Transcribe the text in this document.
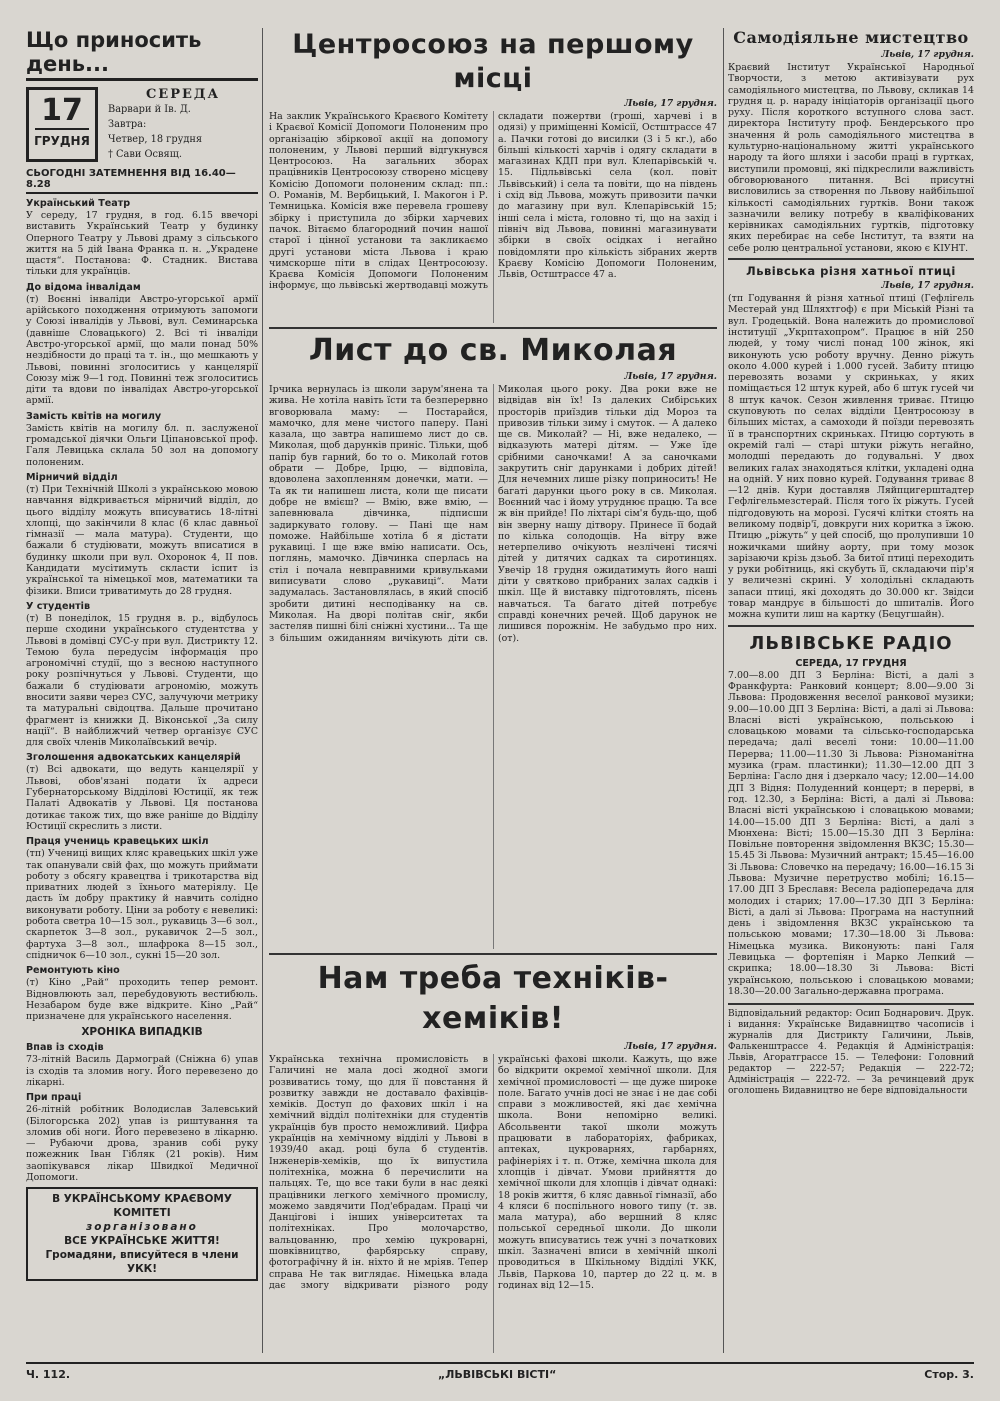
Що приносить день...
17
ГРУДНЯ
СЕРЕДА
Варвари й Ів. Д.
Завтра:
Четвер, 18 грудня
† Сави Освящ.
СЬОГОДНІ ЗАТЕМНЕННЯ ВІД 16.40—8.28
Український Театр

У середу, 17 грудня, в год. 6.15 ввечорі виставить Український Театр у будинку Оперного Театру у Львові драму з сільського життя на 5 дій Івана Франка п. н. „Украдене щастя“. Постанова: Ф. Стадник. Вистава тільки для українців.

До відома інвалідам

(т) Воєнні інваліди Австро-угорської армії арійського походження отримують запомоги у Союзі інвалідів у Львові, вул. Семинарська (давніше Словацького) 2. Всі ті інваліди Австро-угорської армії, що мали понад 50% нездібности до праці та т. ін., що мешкають у Львові, повинні зголоситись у канцелярії Союзу між 9—1 год. Повинні теж зголоситись діти та вдови по інвалідах Австро-угорської армії.

Замість квітів на могилу

Замість квітів на могилу бл. п. заслуженої громадської діячки Ольги Ціпановської проф. Галя Левицька склала 50 зол на допомогу полоненим.

Мірничий відділ

(т) При Технічній Школі з українською мовою навчання відкривається мірничий відділ, до цього відділу можуть вписуватись 18-літні хлопці, що закінчили 8 клас (6 клас давньої гімназії — мала матура). Студенти, що бажали б студіювати, можуть вписатися в будинку школи при вул. Охоронок 4, II пов. Кандидати мусітимуть скласти іспит із української та німецької мов, математики та фізики. Вписи триватимуть до 28 грудня.

У студентів

(т) В понеділок, 15 грудня в. р., відбулось перше сходини українського студентства у Львові в домівці СУС-у при вул. Дистрикту 12. Темою була передусім інформація про агрономічні студії, що з весною наступного року розпічнуться у Львові. Студенти, що бажали б студіювати агрономію, можуть вносити заяви через СУС, залучуючи метрику та матуральні свідоцтва. Дальше прочитано фрагмент із книжки Д. Віконської „За силу нації“. В найближчий четвер організує СУС для своїх членів Миколаївський вечір.

Зголошення адвокатських канцелярій

(т) Всі адвокати, що ведуть канцелярії у Львові, обов'язані подати їх адреси Губернаторському Відділові Юстиції, як теж Палаті Адвокатів у Львові. Ця постанова дотикає також тих, що вже раніше до Відділу Юстиції скреслить з листи.

Праця учениць кравецьких шкіл

(тп) Учениці вищих кляс кравецьких шкіл уже так опанували свій фах, що можуть приймати роботу з обсягу кравецтва і трикотарства від приватних людей з їхнього матеріялу. Це дасть їм добру практику й навчить солідно виконувати роботу. Ціни за роботу є невеликі: робота светра 10—15 зол., рукавиць 3—6 зол., скарпеток 3—8 зол., рукавичок 2—5 зол., фартуха 3—8 зол., шлафрока 8—15 зол., спідничок 6—10 зол., сукні 15—20 зол.

Ремонтують кіно

(т) Кіно „Рай“ проходить тепер ремонт. Відновлюють зал, перебудовують вестибюль. Незабаром буде вже відкрите. Кіно „Рай“ призначене для українського населення.

ХРОНІКА ВИПАДКІВ
Впав із сходів

73-літній Василь Дармограй (Сніжна 6) упав із сходів та зломив ногу. Його перевезено до лікарні.

При праці

26-літній робітник Володислав Залевський (Білогорська 202) упав із риштування та зломив обі ноги. Його перевезено в лікарню. — Рубаючи дрова, зранив собі руку пожежник Іван Гібляк (21 років). Ним заопікувався лікар Швидкої Медичної Допомоги.

В УКРАЇНСЬКОМУ КРАЄВОМУ КОМІТЕТІ
зорганізовано
ВСЕ УКРАЇНСЬКЕ ЖИТТЯ!
Громадяни, вписуйтеся в члени УКК!
Центросоюз на першому місці
Львів, 17 грудня.

На заклик Українського Краєвого Комітету і Краєвої Комісії Допомоги Полоненим про організацію збіркової акції на допомогу полоненим, у Львові перший відгукнувся Центросоюз. На загальних зборах працівників Центросоюзу створено місцеву Комісію Допомоги полоненим склад: пп.: О. Романів, М. Вербицький, І. Макогон і Р. Темницька. Комісія вже перевела грошеву збірку і приступила до збірки харчевих пачок. Вітаємо благородний почин нашої старої і цінної установи та закликаємо другі установи міста Львова і краю чимскорше піти в слідах Центросоюзу. Краєва Комісія Допомоги Полоненим інформує, що львівські жертводавці можуть складати пожертви (гроші, харчеві і в одязі) у приміщенні Комісії, Остштрассе 47 а. Пачки готові до висилки (3 і 5 кг.), або більші кількості харчів і одягу складати в магазинах КДП при вул. Клепарівській ч. 15. Підльвівські села (кол. повіт Львівський) і села та повіти, що на південь і схід від Львова, можуть привозити пачки до магазину при вул. Клепарівській 15; інші села і міста, головно ті, що на захід і північ від Львова, повинні магазинувати збірки в своїх осідках і негайно повідомляти про кількість зібраних жертв Краєву Комісію Допомоги Полоненим, Львів, Остштрассе 47 а.

Лист до св. Миколая
Львів, 17 грудня.

Ірчика вернулась із школи зарум'янена та жива. Не хотіла навіть їсти та безперервно вговорювала маму: — Постарайся, мамочко, для мене чистого паперу. Пані казала, що завтра напишемо лист до св. Миколая, щоб дарунків приніс. Тільки, щоб папір був гарний, бо то о. Миколай готов обрати — Добре, Ірцю, — відповіла, вдоволена захопленням донечки, мати. — Та як ти напишеш листа, коли ще писати добре не вмієш? — Вмію, вже вмію, — запевнювала дівчинка, підписши задиркувато голову. — Пані ще нам поможе. Найбільше хотіла б я дістати рукавиці. І ще вже вмію написати. Ось, поглянь, мамочко. Дівчинка сперлась на стіл і почала невправними кривульками виписувати слово „рукавиці“. Мати задумалась. Застановлялась, в який спосіб зробити дитині несподіванку на св. Миколая. На дворі політав сніг, якби застеляв пишні білі сніжні хустини... Та ще з більшим ожиданням вичікують діти св. Миколая цього року. Два роки вже не відвідав він їх! Із далеких Сибірських просторів приїздив тільки дід Мороз та привозив тільки зиму і смуток. — А далеко ще св. Миколай? — Ні, вже недалеко, — відказують матері дітям. — Уже їде срібними саночками! А за саночками закрутить сніг дарунками і добрих дітей! Для нечемних лише різку поприносить! Не багаті дарунки цього року в св. Миколая. Воєнний час і йому утруднює працю. Та все ж він прийде! По ліхтарі сім'я будь-що, щоб він зверну нашу дітвору. Принесе її бодай по кілька солодощів. На вітру вже нетерпеливо очікують незлічені тисячі дітей у дитячих садках та сиротинцях. Увечір 18 грудня ожидатимуть його нашi діти у святково прибраних залах садків і шкіл. Ще й виставку підготовлять, пісень навчаться. Та багато дітей потребує справді конечних речей. Щоб дарунок не лишився порожнім. Не забудьмо про них. (от).

Нам треба техніків-хеміків!
Львів, 17 грудня.

Українська технічна промисловість в Галичині не мала досі жодної змоги розвиватись тому, що для її повстання й розвитку завжди не доставало фахівців-хеміків. Доступ до фахових шкіл і на хемічний відділ політехніки для студентів українців був просто неможливий. Цифра українців на хемічному відділі у Львові в 1939/40 акад. році була б студентів. Інженерів-хеміків, що їх випустила політехніка, можна б перечислити на пальцях. Те, що все таки були в нас деякі працівники легкого хемічного промислу, можемо завдячити Под'ебрадам. Праці чи Данцігові і інших університетах та політехніках. Про молочарство, вальцованню, про хемію цукроварні, шовківництво, фарбярську справу, фотографічну й ін. ніхто й не мріяв. Тепер справа Не так виглядає. Німецька влада дає змогу відкривати різного роду українські фахові школи. Кажуть, що вже бo відкрити окремої хемічної школи. Для хемічної промисловості — ще дуже широке поле. Багато учнів досі не знає і не дає собі справи з можливостей, які дає хемічна школа. Вони непомірно великі. Абсольвенти такої школи можуть працювати в лабораторіях, фабриках, аптеках, цукроварнях, гарбарнях, рафінеріях і т. п. Отже, хемічна школа для хлопців і дівчат. Умови прийняття до хемічної школи для хлопців і дівчат однакі: 18 років життя, 6 кляс давньої гімназії, або 4 кляси 6 поспільного нового типу (т. зв. мала матура), або вершний 8 кляс польської середньої школи. До школи можуть вписуватись теж учні з початкових шкіл. Зазначені вписи в хемічній школі проводиться в Шкільному Відділі УКК, Львів, Паркова 10, партер до 22 ц. м. в годинах від 12—15.

Самодіяльне мистецтво
Львів, 17 грудня.

Краєвий Інститут Української Народньої Творчости, з метою активізувати рух самодіяльного мистецтва, по Львову, скликав 14 грудня ц. р. нараду ініціаторів організації цього руху. Після короткого вступного слова заст. директора Інституту проф. Бендерського про значення й роль самодіяльного мистецтва в культурно-національному житті українського народу та його шляхи і засоби праці в гуртках, виступили промовці, які підкреслили важливість обговорюваного питання. Всі присутні висловились за створення по Львову найбільшої кількості самодіяльних гуртків. Вони також зазначили велику потребу в кваліфікованих керівниках самодіяльних гуртків, підготовку яких перебирає на себе Інститут, та взяти на себе ролю центральної установи, якою є КІУНТ.

Львівська різня хатньої птиці
Львів, 17 грудня.

(тп Годування й різня хатньої птиці (Гефлігель Местерай унд Шляхтгоф) є при Міській Різні та вул. Гродецькій. Вона належить до промислової інституції „Укрптахопром“. Працює в ній 250 людей, у тому числі понад 100 жінок, які виконують усю роботу вручну. Денно ріжуть около 4.000 курей і 1.000 гусей. Забиту птицю перевозять возами у скриньках, у яких поміщається 12 штук курей, або 6 штук гусей чи 8 штук качок. Сезон живлення триває. Птицю скуповують по селах відділи Центросоюзу в більших містах, а самоходи й поїзди перевозять її в транспортних скриньках. Птицю сортують в окремій галі — старі штуки ріжуть негайно, молодші передають до годувальні. У двох великих галах знаходяться клітки, укладені одна на одній. У них повно курей. Годування триває 8—12 днів. Кури доставляв Ляйпцигерштадтер Гефлігельмезстерай. Після того їх ріжуть. Гусей підгодовують на морозі. Гусячі клітки стоять на великому подвір'ї, довкруги них коритка з їжою. Птицю „ріжуть“ у цей спосіб, що пролупивши 10 ножичками шийну аорту, при тому мозок зарізаючи крізь дзьоб. За битої птиці переходить у руки робітниць, які скубуть її, складаючи пір'я у величезні скрині. У холодільні складають запаси птиці, які доходять до 30.000 кг. Звідси товар мандрує в більшості до шпиталів. Його можна купити лиш на картку (Бецугшайн).

ЛЬВІВСЬКЕ РАДІО
СЕРЕДА, 17 ГРУДНЯ

7.00—8.00 ДП З Берліна: Вісті, а далі з Франкфурта: Ранковий концерт; 8.00—9.00 Зі Львова: Продовження веселої ранкової музики; 9.00—10.00 ДП З Берліна: Вісті, а далі зі Львова: Власні вісті українською, польською і словацькою мовами та сільсько-господарська передача; далі веселі тони: 10.00—11.00 Перерва; 11.00—11.30 Зі Львова: Різноманітна музика (грам. пластинки); 11.30—12.00 ДП З Берліна: Гасло дня і дзеркало часу; 12.00—14.00 ДП З Відня: Полуденний концерт; в перерві, в год. 12.30, з Берліна: Вісті, а далі зі Львова: Власні вісті українською і словацькою мовами; 14.00—15.00 ДП З Берліна: Вісті, а далі з Мюнхена: Вісті; 15.00—15.30 ДП З Берліна: Повільне повторення звідомлення ВКЗС; 15.30—15.45 Зі Львова: Музичний антракт; 15.45—16.00 Зі Львова: Словечко на передачу; 16.00—16.15 Зі Львова: Музичне перетруство мобілі; 16.15—17.00 ДП З Бреславя: Весела радіопередача для молодих і старих; 17.00—17.30 ДП З Берліна: Вісті, а далі зі Львова: Програма на наступний день і звідомлення ВКЗС українською та польською мовами; 17.30—18.00 Зі Львова: Німецька музика. Виконують: пані Галя Левицька — фортепіян і Марко Лепкий — скрипка; 18.00—18.30 Зі Львова: Вісті українською, польською і словацькою мовами; 18.30—20.00 Загально-державна програма.

Відповідальний редактор: Осип Боднарович. Друк. і видання: Українське Видавництво часописів і журналів для Дистрикту Галичини, Львів, Фалькенштрассе 4. Редакція й Адміністрація: Львів, Агоратграссе 15. — Телефони: Головний редактор — 222-57; Редакція — 222-72; Адміністрація — 222-72. — За речинцевий друк оголошень Видавництво не бере відповідальности

Ч. 112.	„ЛЬВІВСЬКІ ВІСТІ“	Стор. 3.
